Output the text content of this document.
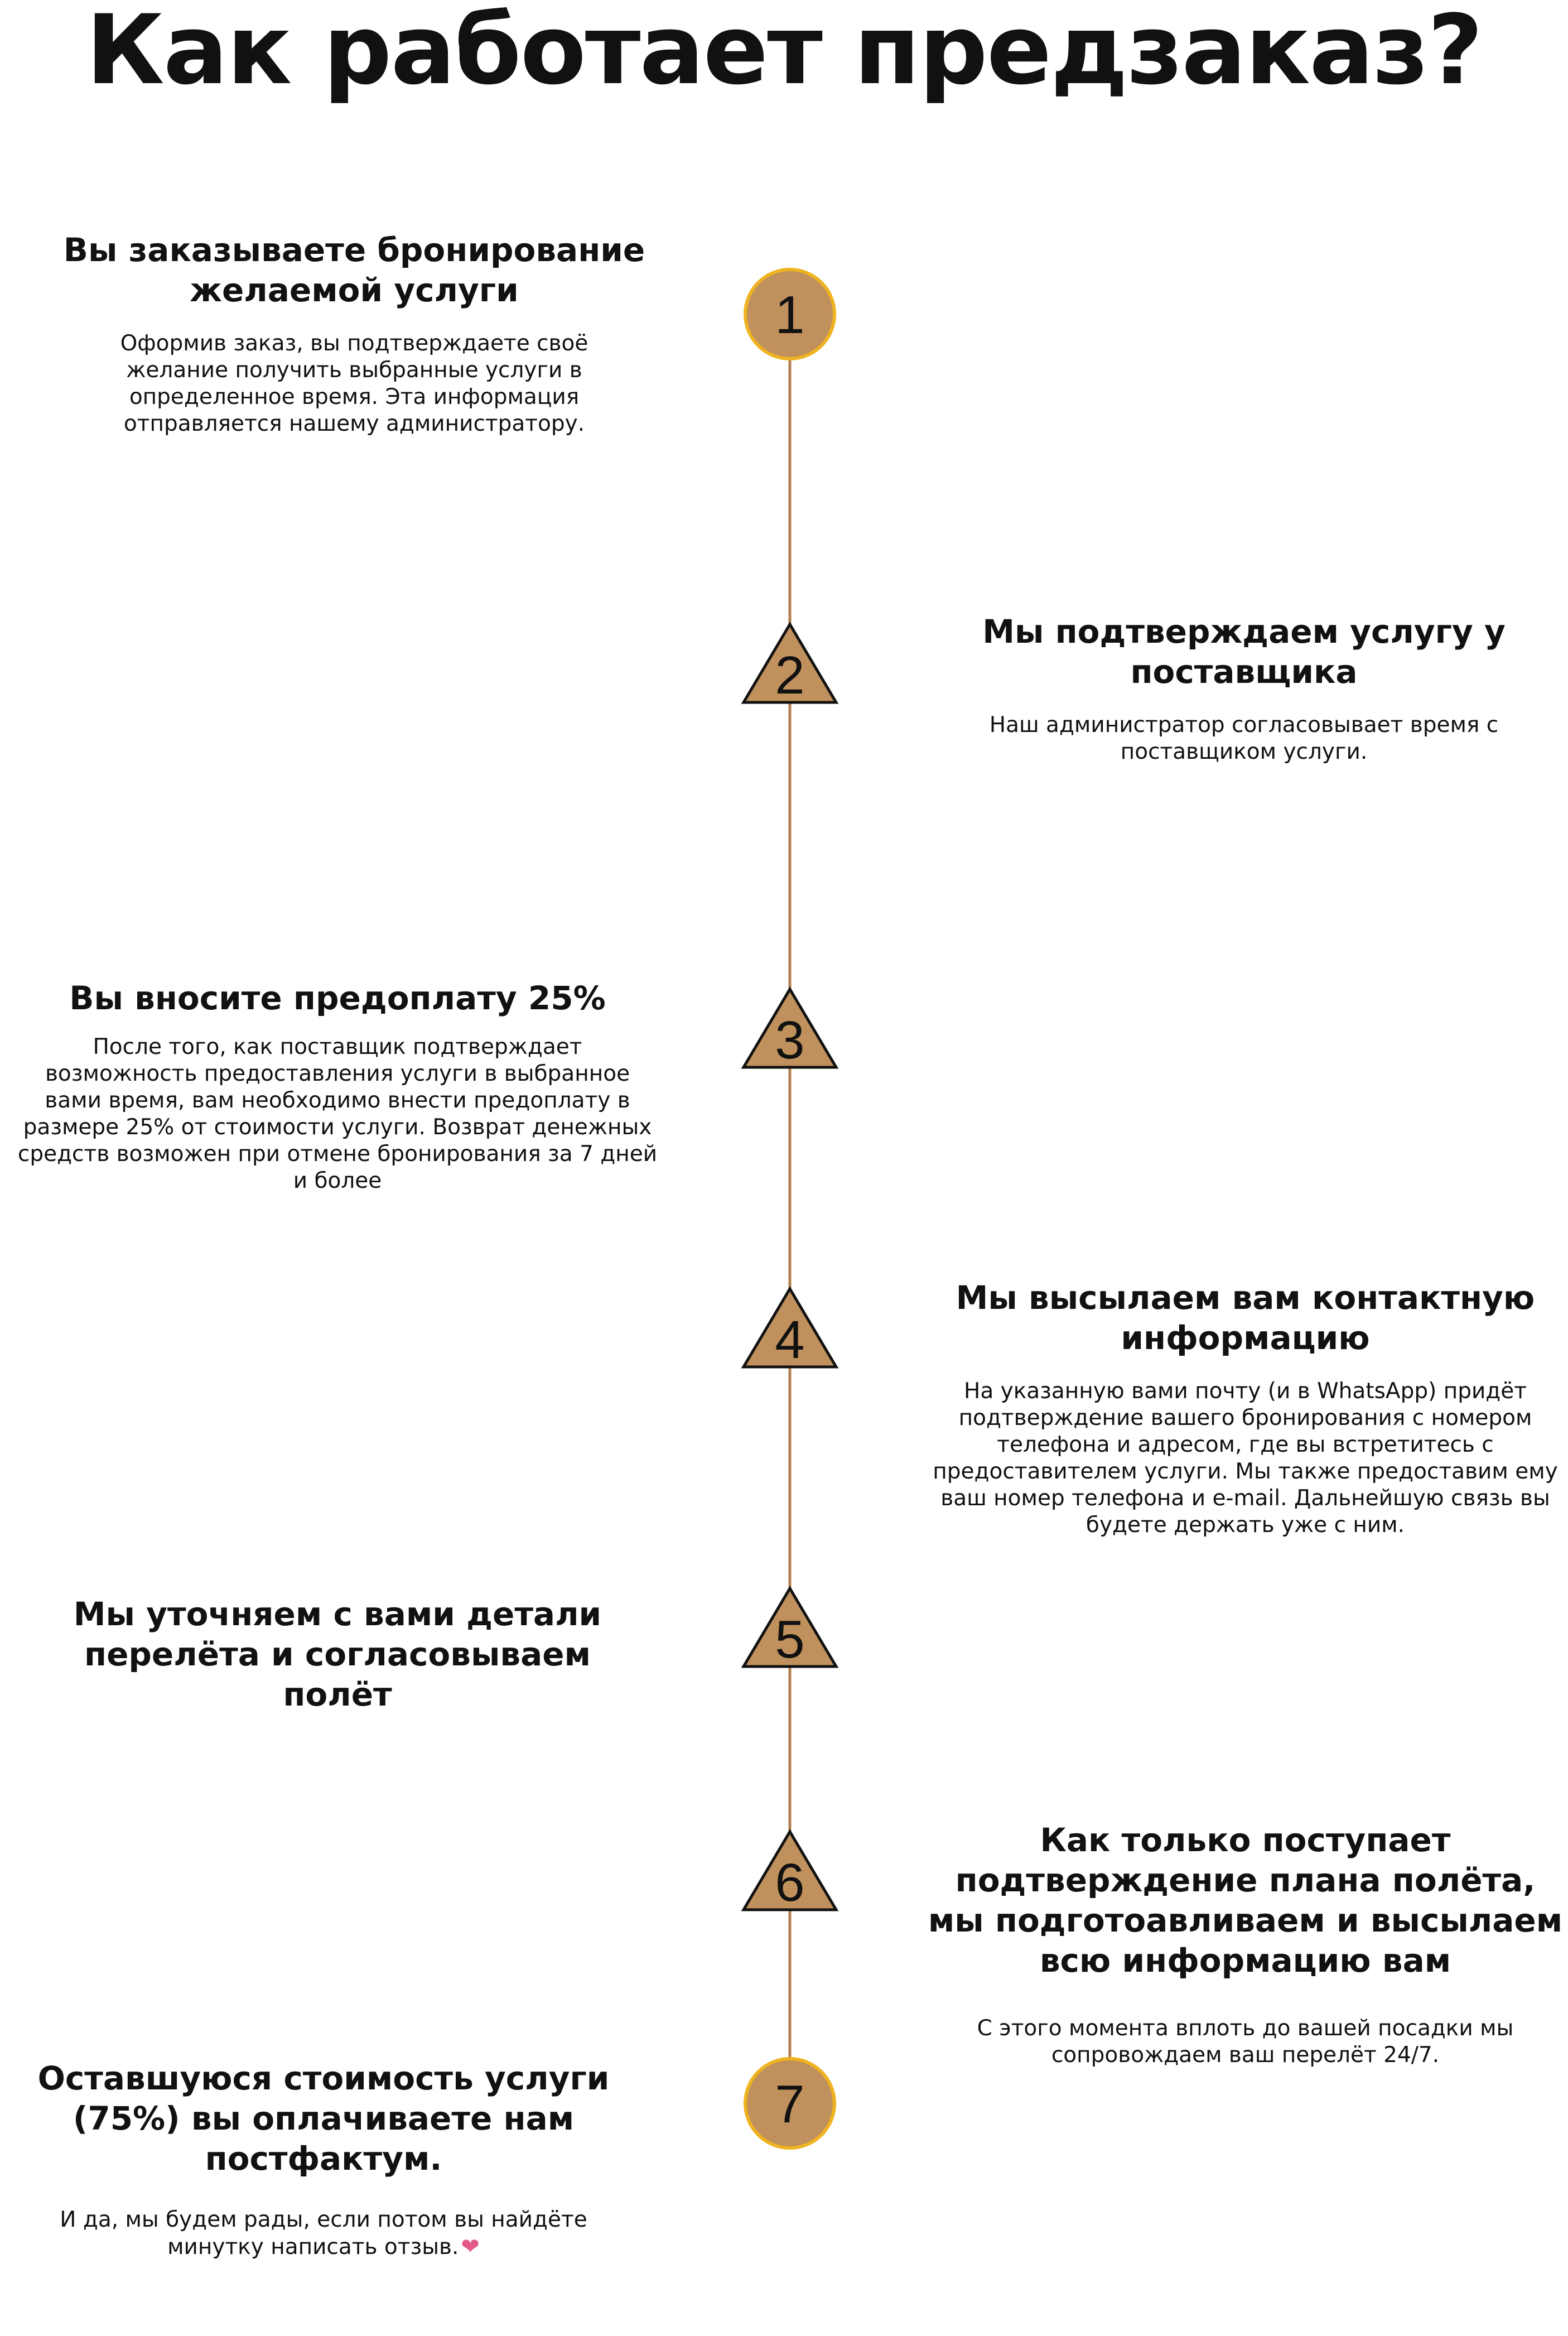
Как работает предзаказ?
1
2
3
4
5
6
7
Вы заказываете бронирование желаемой услуги

Оформив заказ, вы подтверждаете своё желание получить выбранные услуги в определенное время. Эта информация отправляется нашему администратору.

Мы подтверждаем услугу у поставщика

Наш администратор согласовывает время с поставщиком услуги.

Вы вносите предоплату 25%

После того, как поставщик подтверждает возможность предоставления услуги в выбранное вами время, вам необходимо внести предоплату в размере 25% от стоимости услуги. Возврат денежных средств возможен при отмене бронирования за 7 дней и более

Мы высылаем вам контактную информацию

На указанную вами почту (и в WhatsApp) придёт подтверждение вашего бронирования с номером телефона и адресом, где вы встретитесь с предоставителем услуги. Мы также предоставим ему ваш номер телефона и e-mail. Дальнейшую связь вы будете держать уже с ним.

Мы уточняем с вами детали перелёта и согласовываем полёт
Как только поступает подтверждение плана полёта, мы подготоавливаем и высылаем всю информацию вам

С этого момента вплоть до вашей посадки мы сопровождаем ваш перелёт 24/7.

Оставшуюся стоимость услуги (75%) вы оплачиваете нам постфактум.

И да, мы будем рады, если потом вы найдёте минутку написать отзыв. ❤
